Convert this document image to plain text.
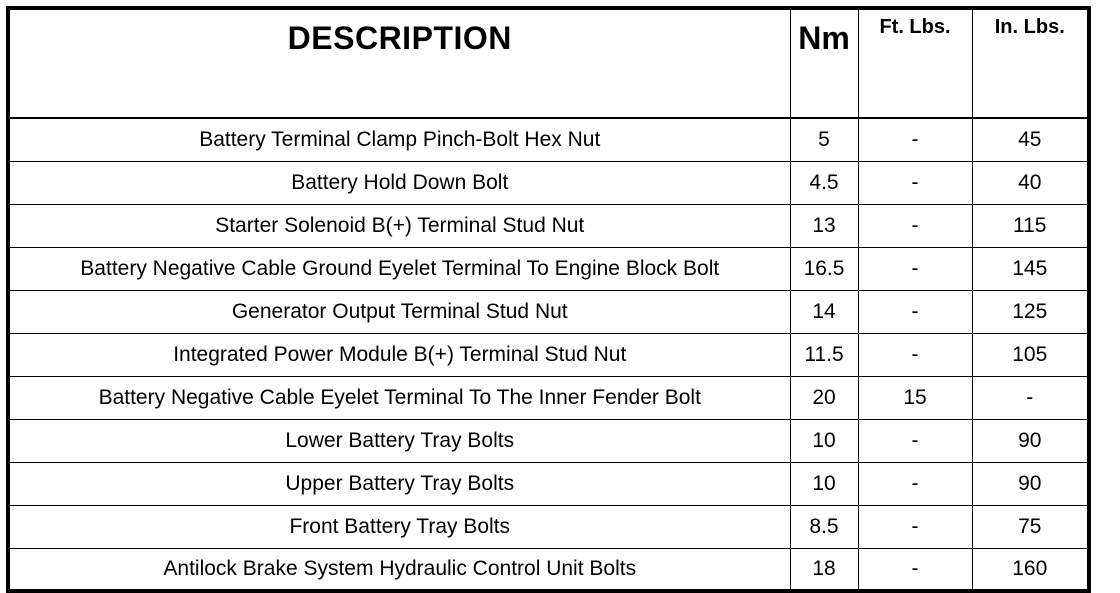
DESCRIPTION	Nm	Ft. Lbs.	In. Lbs.
Battery Terminal Clamp Pinch-Bolt Hex Nut	5	-	45
Battery Hold Down Bolt	4.5	-	40
Starter Solenoid B(+) Terminal Stud Nut	13	-	115
Battery Negative Cable Ground Eyelet Terminal To Engine Block Bolt	16.5	-	145
Generator Output Terminal Stud Nut	14	-	125
Integrated Power Module B(+) Terminal Stud Nut	11.5	-	105
Battery Negative Cable Eyelet Terminal To The Inner Fender Bolt	20	15	-
Lower Battery Tray Bolts	10	-	90
Upper Battery Tray Bolts	10	-	90
Front Battery Tray Bolts	8.5	-	75
Antilock Brake System Hydraulic Control Unit Bolts	18	-	160
